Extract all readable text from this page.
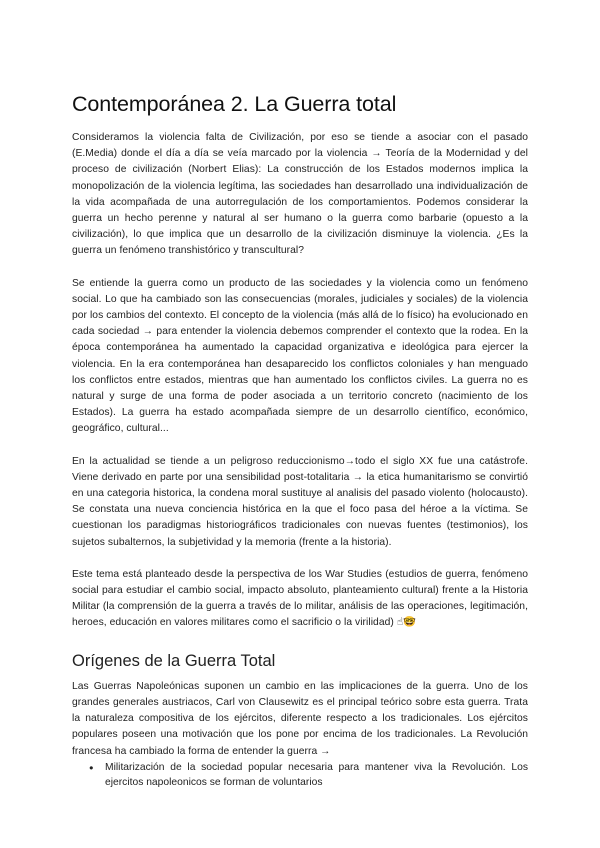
Contemporánea 2. La Guerra total

Consideramos la violencia falta de Civilización, por eso se tiende a asociar con el pasado (E.Media) donde el día a día se veía marcado por la violencia → Teoría de la Modernidad y del proceso de civilización (Norbert Elias): La construcción de los Estados modernos implica la monopolización de la violencia legítima, las sociedades han desarrollado una individualización de la vida acompañada de una autorregulación de los comportamientos. Podemos considerar la guerra un hecho perenne y natural al ser humano o la guerra como barbarie (opuesto a la civilización), lo que implica que un desarrollo de la civilización disminuye la violencia. ¿Es la guerra un fenómeno transhistórico y transcultural?

Se entiende la guerra como un producto de las sociedades y la violencia como un fenómeno social. Lo que ha cambiado son las consecuencias (morales, judiciales y sociales) de la violencia por los cambios del contexto. El concepto de la violencia (más allá de lo físico) ha evolucionado en cada sociedad → para entender la violencia debemos comprender el contexto que la rodea. En la época contemporánea ha aumentado la capacidad organizativa e ideológica para ejercer la violencia. En la era contemporánea han desaparecido los conflictos coloniales y han menguado los conflictos entre estados, mientras que han aumentado los conflictos civiles. La guerra no es natural y surge de una forma de poder asociada a un territorio concreto (nacimiento de los Estados). La guerra ha estado acompañada siempre de un desarrollo científico, económico, geográfico, cultural...

En la actualidad se tiende a un peligroso reduccionismo→todo el siglo XX fue una catástrofe. Viene derivado en parte por una sensibilidad post-totalitaria → la etica humanitarismo se convirtió en una categoria historica, la condena moral sustituye al analisis del pasado violento (holocausto). Se constata una nueva conciencia histórica en la que el foco pasa del héroe a la víctima. Se cuestionan los paradigmas historiográficos tradicionales con nuevas fuentes (testimonios), los sujetos subalternos, la subjetividad y la memoria (frente a la historia).

Este tema está planteado desde la perspectiva de los War Studies (estudios de guerra, fenómeno social para estudiar el cambio social, impacto absoluto, planteamiento cultural) frente a la Historia Militar (la comprensión de la guerra a través de lo militar, análisis de las operaciones, legitimación, heroes, educación en valores militares como el sacrificio o la virilidad) ☝🤓

Orígenes de la Guerra Total

Las Guerras Napoleónicas suponen un cambio en las implicaciones de la guerra. Uno de los grandes generales austriacos, Carl von Clausewitz es el principal teórico sobre esta guerra. Trata la naturaleza compositiva de los ejércitos, diferente respecto a los tradicionales. Los ejércitos populares poseen una motivación que los pone por encima de los tradicionales. La Revolución francesa ha cambiado la forma de entender la guerra →

● Militarización de la sociedad popular necesaria para mantener viva la Revolución. Los ejercitos napoleonicos se forman de voluntarios
